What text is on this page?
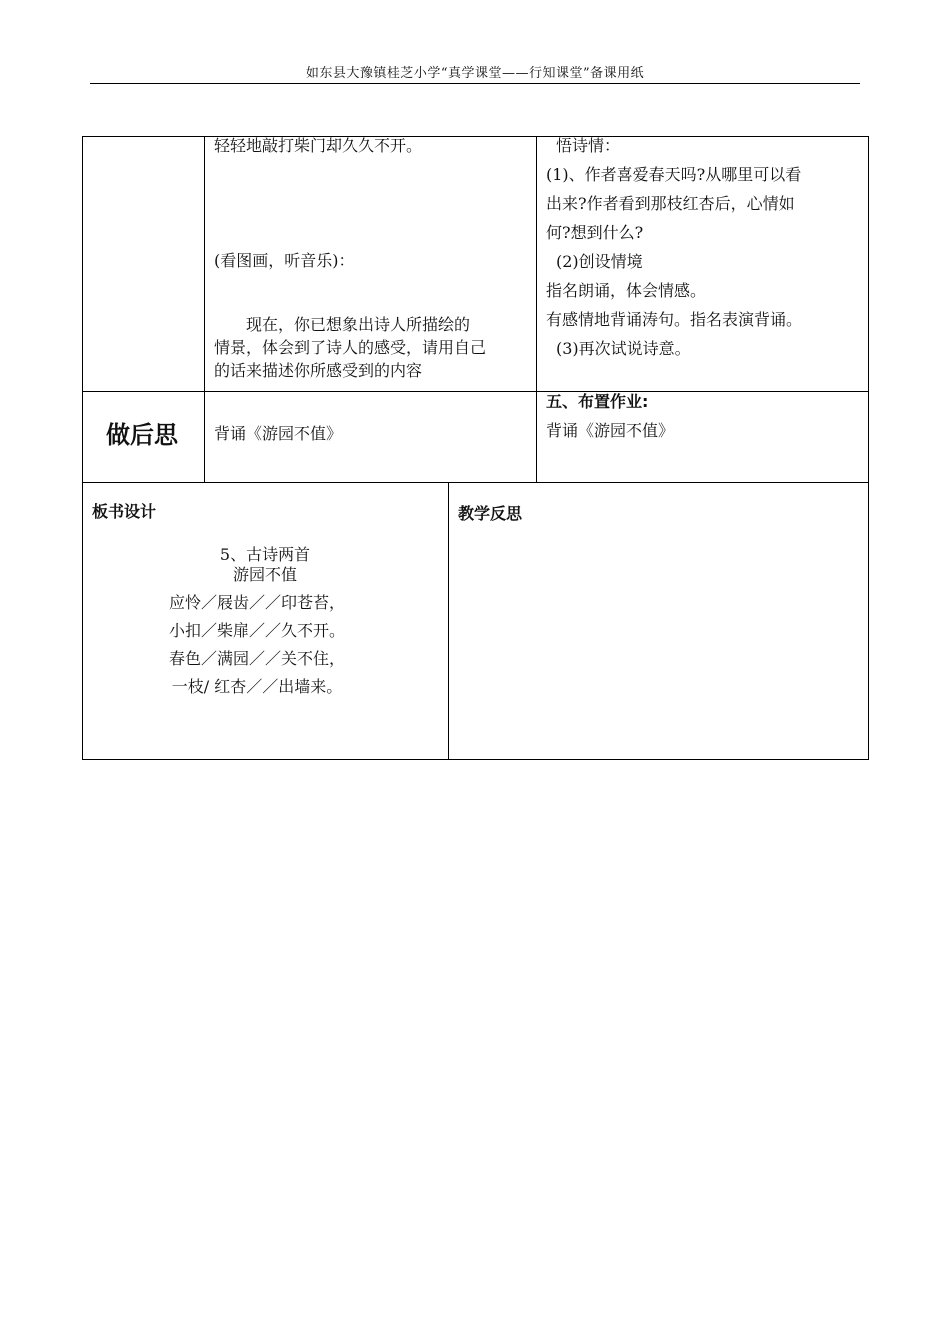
如东县大豫镇桂芝小学“真学课堂——行知课堂”备课用纸
轻轻地敲打柴门却久久不开。
(看图画，听音乐)：
现在，你已想象出诗人所描绘的
情景，体会到了诗人的感受，请用自己
的话来描述你所感受到的内容
悟诗情：
(1)、作者喜爱春天吗?从哪里可以看
出来?作者看到那枝红杏后，心情如
何?想到什么?
(2)创设情境
指名朗诵，体会情感。
有感情地背诵涛句。指名表演背诵。
(3)再次试说诗意。
做后思 背诵《游园不值》
五、布置作业:
背诵《游园不值》
板书设计	教学反思
5、古诗两首
游园不值
应怜／屐齿／／印苍苔，
小扣／柴扉／／久不开。
春色／满园／／关不住，
一枝/ 红杏／／出墙来。
